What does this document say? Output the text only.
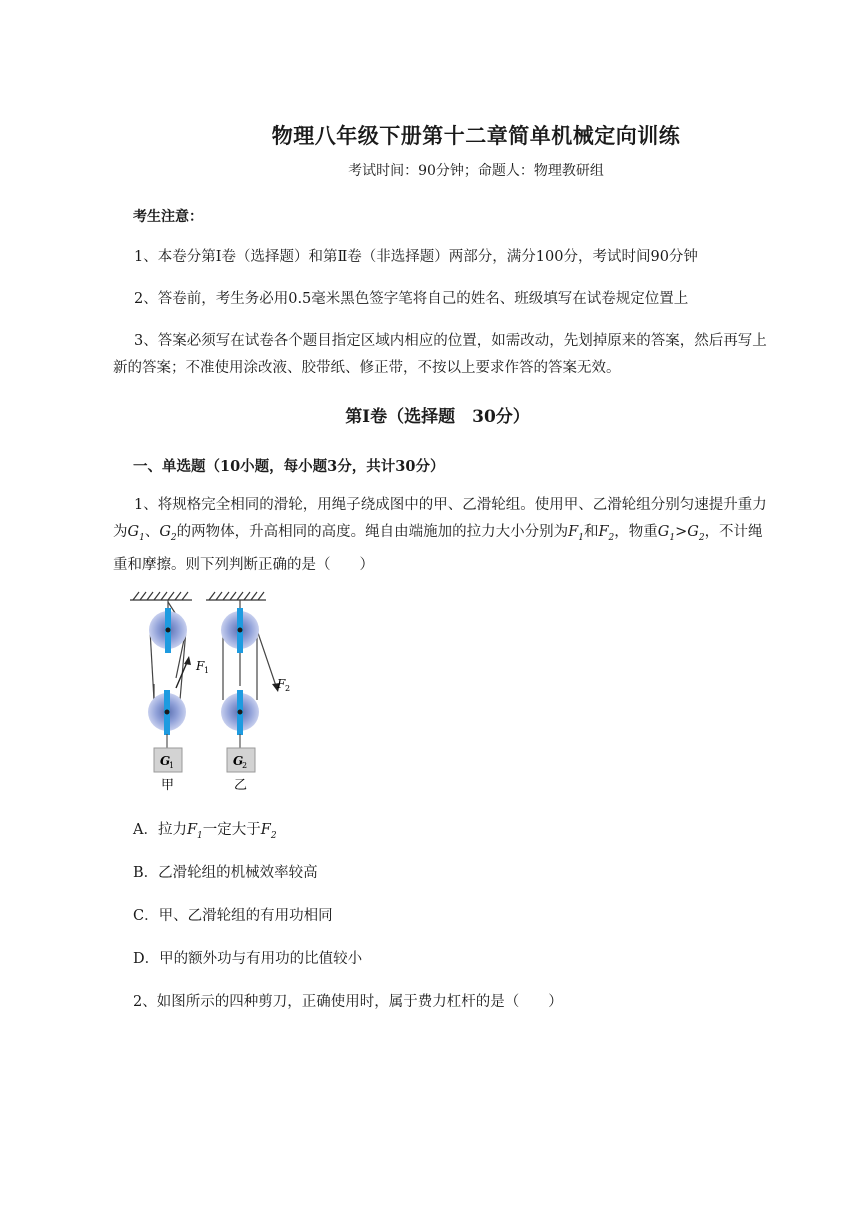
物理八年级下册第十二章简单机械定向训练
考试时间：90分钟；命题人：物理教研组
考生注意：
1、本卷分第Ⅰ卷（选择题）和第Ⅱ卷（非选择题）两部分，满分100分，考试时间90分钟
2、答卷前，考生务必用0.5毫米黑色签字笔将自己的姓名、班级填写在试卷规定位置上
3、答案必须写在试卷各个题目指定区域内相应的位置，如需改动，先划掉原来的答案，然后再写上新的答案；不准使用涂改液、胶带纸、修正带，不按以上要求作答的答案无效。
第Ⅰ卷（选择题　30分）
一、单选题（10小题，每小题3分，共计30分）
1、将规格完全相同的滑轮，用绳子绕成图中的甲、乙滑轮组。使用甲、乙滑轮组分别匀速提升重力为$G_1$、$G_2$的两物体，升高相同的高度。绳自由端施加的拉力大小分别为$F_1$和$F_2$，物重$G_1>G_2$，不计绳重和摩擦。则下列判断正确的是（　　）
F 1
F 2
G
1	G
2
甲	乙
A．拉力$F_1$一定大于$F_2$
B．乙滑轮组的机械效率较高
C．甲、乙滑轮组的有用功相同
D．甲的额外功与有用功的比值较小
2、如图所示的四种剪刀，正确使用时，属于费力杠杆的是（　　）
